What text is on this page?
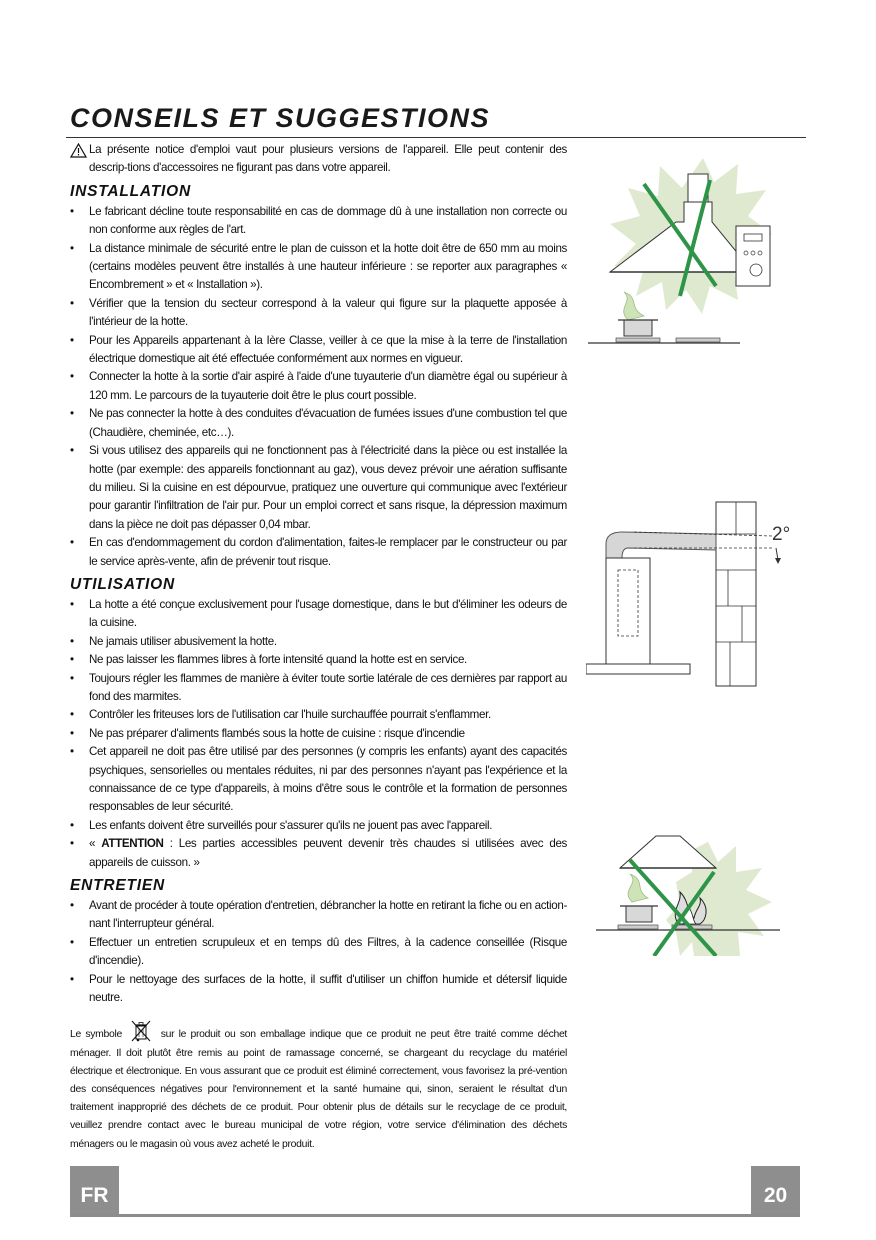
CONSEILS ET SUGGESTIONS
La présente notice d'emploi vaut pour plusieurs versions de l'appareil. Elle peut contenir des descrip-tions d'accessoires ne figurant pas dans votre appareil.
INSTALLATION
• Le fabricant décline toute responsabilité en cas de dommage dû à une installation non correcte ou non conforme aux règles de l'art.
• La distance minimale de sécurité entre le plan de cuisson et la hotte doit être de 650 mm au moins (certains modèles peuvent être installés à une hauteur inférieure : se reporter aux paragraphes « Encombrement » et « Installation »).
• Vérifier que la tension du secteur correspond à la valeur qui figure sur la plaquette apposée à l'intérieur de la hotte.
• Pour les Appareils appartenant à la Ière Classe, veiller à ce que la mise à la terre de l'installation électrique domestique ait été effectuée conformément aux normes en vigueur.
• Connecter la hotte à la sortie d'air aspiré à l'aide d'une tuyauterie d'un diamètre égal ou supérieur à 120 mm. Le parcours de la tuyauterie doit être le plus court possible.
• Ne pas connecter la hotte à des conduites d'évacuation de fumées issues d'une combustion tel que (Chaudière, cheminée, etc…).
• Si vous utilisez des appareils qui ne fonctionnent pas à l'électricité dans la pièce ou est installée la hotte (par exemple: des appareils fonctionnant au gaz), vous devez prévoir une aération suffisante du milieu. Si la cuisine en est dépourvue, pratiquez une ouverture qui communique avec l'extérieur pour garantir l'infiltration de l'air pur. Pour un emploi correct et sans risque, la dépression maximum dans la pièce ne doit pas dépasser 0,04 mbar.
• En cas d'endommagement du cordon d'alimentation, faites-le remplacer par le constructeur ou par le service après-vente, afin de prévenir tout risque.
UTILISATION
• La hotte a été conçue exclusivement pour l'usage domestique, dans le but d'éliminer les odeurs de la cuisine.
• Ne jamais utiliser abusivement la hotte.
• Ne pas laisser les flammes libres à forte intensité quand la hotte est en service.
• Toujours régler les flammes de manière à éviter toute sortie latérale de ces dernières par rapport au fond des marmites.
• Contrôler les friteuses lors de l'utilisation car l'huile surchauffée pourrait s'enflammer.
• Ne pas préparer d'aliments flambés sous la hotte de cuisine : risque d'incendie
• Cet appareil ne doit pas être utilisé par des personnes (y compris les enfants) ayant des capacités psychiques, sensorielles ou mentales réduites, ni par des personnes n'ayant pas l'expérience et la connaissance de ce type d'appareils, à moins d'être sous le contrôle et la formation de personnes responsables de leur sécurité.
• Les enfants doivent être surveillés pour s'assurer qu'ils ne jouent pas avec l'appareil.
• « ATTENTION : Les parties accessibles peuvent devenir très chaudes si utilisées avec des appareils de cuisson. »
ENTRETIEN
• Avant de procéder à toute opération d'entretien, débrancher la hotte en retirant la fiche ou en action-nant l'interrupteur général.
• Effectuer un entretien scrupuleux et en temps dû des Filtres, à la cadence conseillée (Risque d'incendie).
• Pour le nettoyage des surfaces de la hotte, il suffit d'utiliser un chiffon humide et détersif liquide neutre.
Le symbole	sur le produit ou son emballage indique que ce produit ne peut être traité comme déchet ménager. Il doit plutôt être remis au point de ramassage concerné, se chargeant du recyclage du matériel électrique et électronique. En vous assurant que ce produit est éliminé correctement, vous favorisez la pré-vention des conséquences négatives pour l'environnement et la santé humaine qui, sinon, seraient le résultat d'un traitement inapproprié des déchets de ce produit. Pour obtenir plus de détails sur le recyclage de ce produit, veuillez prendre contact avec le bureau municipal de votre région, votre service d'élimination des déchets ménagers ou le magasin où vous avez acheté le produit.
2°
FR	20
